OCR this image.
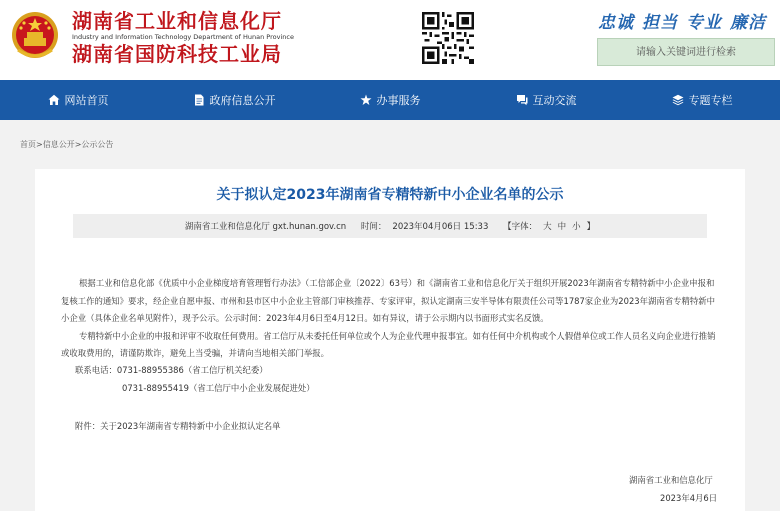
湖南省工业和信息化厅
Industry and Information Technology Department of Hunan Province
湖南省国防科技工业局
忠诚 担当 专业 廉洁
请输入关键词进行检索
网站首页	政府信息公开	办事服务	互动交流	专题专栏
首页>信息公开>公示公告
关于拟认定2023年湖南省专精特新中小企业名单的公示
湖南省工业和信息化厅 gxt.hunan.gov.cn
时间： 2023年04月06日 15:33
【字体： 大 中 小 】

根据工业和信息化部《优质中小企业梯度培育管理暂行办法》（工信部企业〔2022〕63号）和《湖南省工业和信息化厅关于组织开展2023年湖南省专精特新中小企业申报和复核工作的通知》要求，经企业自愿申报、市州和县市区中小企业主管部门审核推荐、专家评审，拟认定湖南三安半导体有限责任公司等1787家企业为2023年湖南省专精特新中小企业（具体企业名单见附件），现予公示。公示时间：2023年4月6日至4月12日。如有异议，请于公示期内以书面形式实名反馈。

专精特新中小企业的申报和评审不收取任何费用。省工信厅从未委托任何单位或个人为企业代理申报事宜。如有任何中介机构或个人假借单位或工作人员名义向企业进行推销或收取费用的，请谨防欺诈，避免上当受骗，并请向当地相关部门举报。

联系电话：0731-88955386（省工信厅机关纪委）
0731-88955419（省工信厅中小企业发展促进处）
附件：关于2023年湖南省专精特新中小企业拟认定名单
湖南省工业和信息化厅
2023年4月6日
